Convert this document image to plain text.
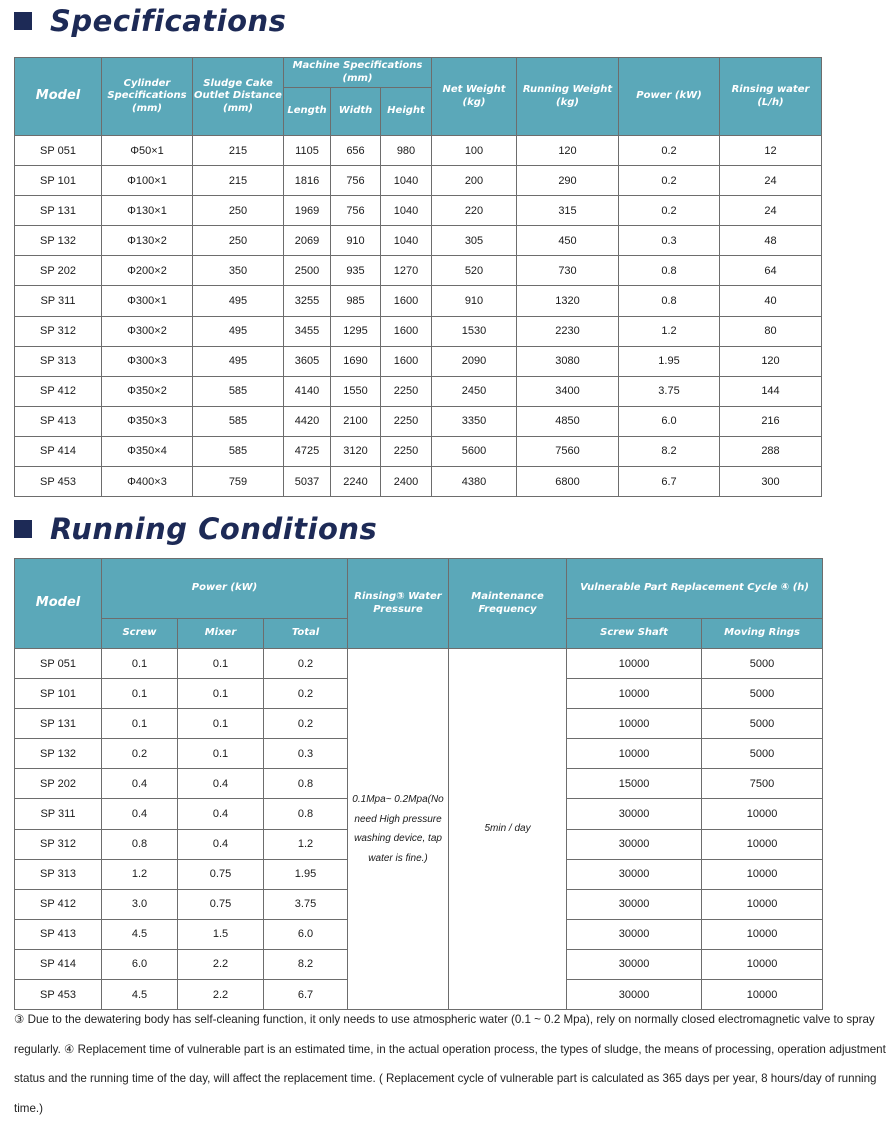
Specifications
Model	Cylinder Specifications (mm)	Sludge Cake Outlet Distance (mm)	Machine Specifications (mm)			Net Weight (kg)	Running Weight (kg)	Power (kW)	Rinsing water (L/h)
			Length	Width	Height				
SP 051	Φ50×1	215	1105	656	980	100	120	0.2	12
SP 101	Φ100×1	215	1816	756	1040	200	290	0.2	24
SP 131	Φ130×1	250	1969	756	1040	220	315	0.2	24
SP 132	Φ130×2	250	2069	910	1040	305	450	0.3	48
SP 202	Φ200×2	350	2500	935	1270	520	730	0.8	64
SP 311	Φ300×1	495	3255	985	1600	910	1320	0.8	40
SP 312	Φ300×2	495	3455	1295	1600	1530	2230	1.2	80
SP 313	Φ300×3	495	3605	1690	1600	2090	3080	1.95	120
SP 412	Φ350×2	585	4140	1550	2250	2450	3400	3.75	144
SP 413	Φ350×3	585	4420	2100	2250	3350	4850	6.0	216
SP 414	Φ350×4	585	4725	3120	2250	5600	7560	8.2	288
SP 453	Φ400×3	759	5037	2240	2400	4380	6800	6.7	300
Running Conditions
Model	Power (kW)			Rinsing③ Water Pressure	Maintenance Frequency	Vulnerable Part Replacement Cycle ④ (h)	
	Screw	Mixer	Total			Screw Shaft	Moving Rings
SP 051	0.1	0.1	0.2	0.1Mpa~ 0.2Mpa(No need High pressure washing device, tap water is fine.)	5min / day	10000	5000
SP 101	0.1	0.1	0.2			10000	5000
SP 131	0.1	0.1	0.2			10000	5000
SP 132	0.2	0.1	0.3			10000	5000
SP 202	0.4	0.4	0.8			15000	7500
SP 311	0.4	0.4	0.8			30000	10000
SP 312	0.8	0.4	1.2			30000	10000
SP 313	1.2	0.75	1.95			30000	10000
SP 412	3.0	0.75	3.75			30000	10000
SP 413	4.5	1.5	6.0			30000	10000
SP 414	6.0	2.2	8.2			30000	10000
SP 453	4.5	2.2	6.7			30000	10000
③ Due to the dewatering body has self-cleaning function, it only needs to use atmospheric water (0.1 ~ 0.2 Mpa), rely on normally closed electromagnetic valve to spray regularly. ④ Replacement time of vulnerable part is an estimated time, in the actual operation process, the types of sludge, the means of processing, operation adjustment status and the running time of the day, will affect the replacement time. ( Replacement cycle of vulnerable part is calculated as 365 days per year, 8 hours/day of running time.)
